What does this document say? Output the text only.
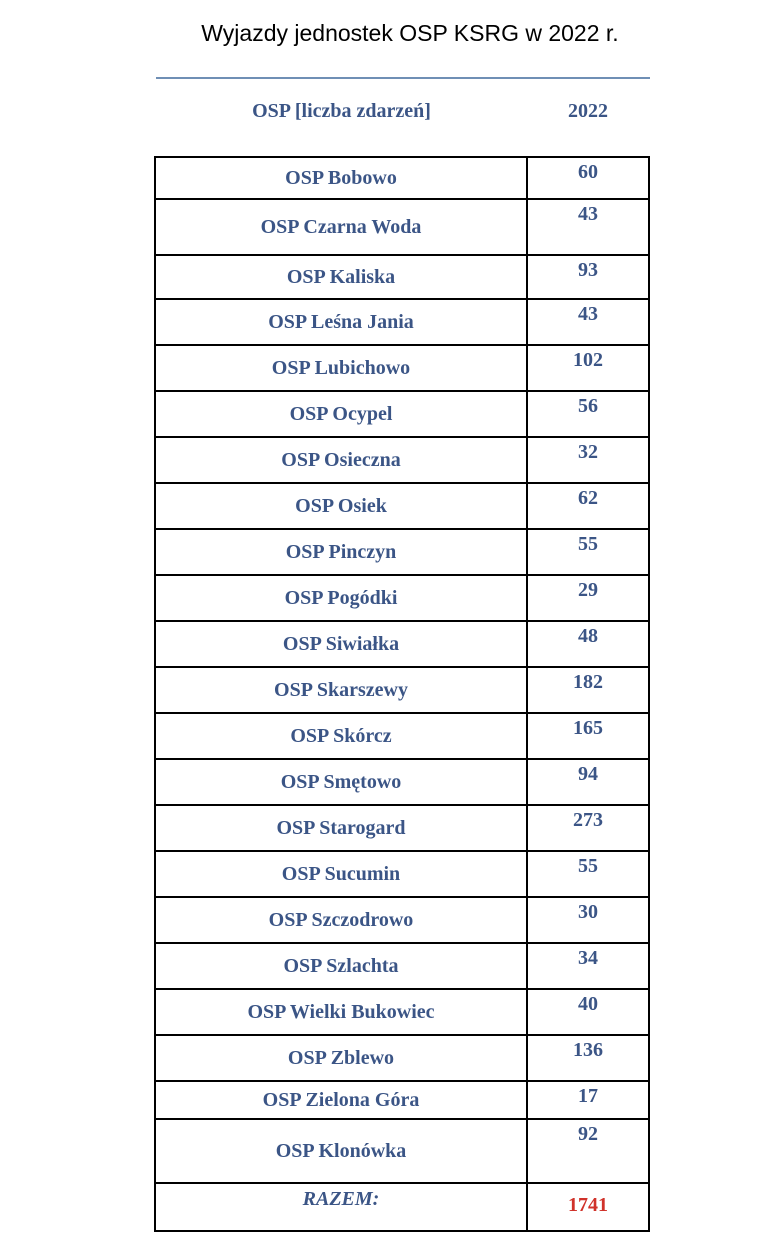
Wyjazdy jednostek OSP KSRG w 2022 r.
OSP [liczba zdarzeń]	2022
OSP Bobowo	60
OSP Czarna Woda	43
OSP Kaliska	93
OSP Leśna Jania	43
OSP Lubichowo	102
OSP Ocypel	56
OSP Osieczna	32
OSP Osiek	62
OSP Pinczyn	55
OSP Pogódki	29
OSP Siwiałka	48
OSP Skarszewy	182
OSP Skórcz	165
OSP Smętowo	94
OSP Starogard	273
OSP Sucumin	55
OSP Szczodrowo	30
OSP Szlachta	34
OSP Wielki Bukowiec	40
OSP Zblewo	136
OSP Zielona Góra	17
OSP Klonówka	92
RAZEM:	1741
